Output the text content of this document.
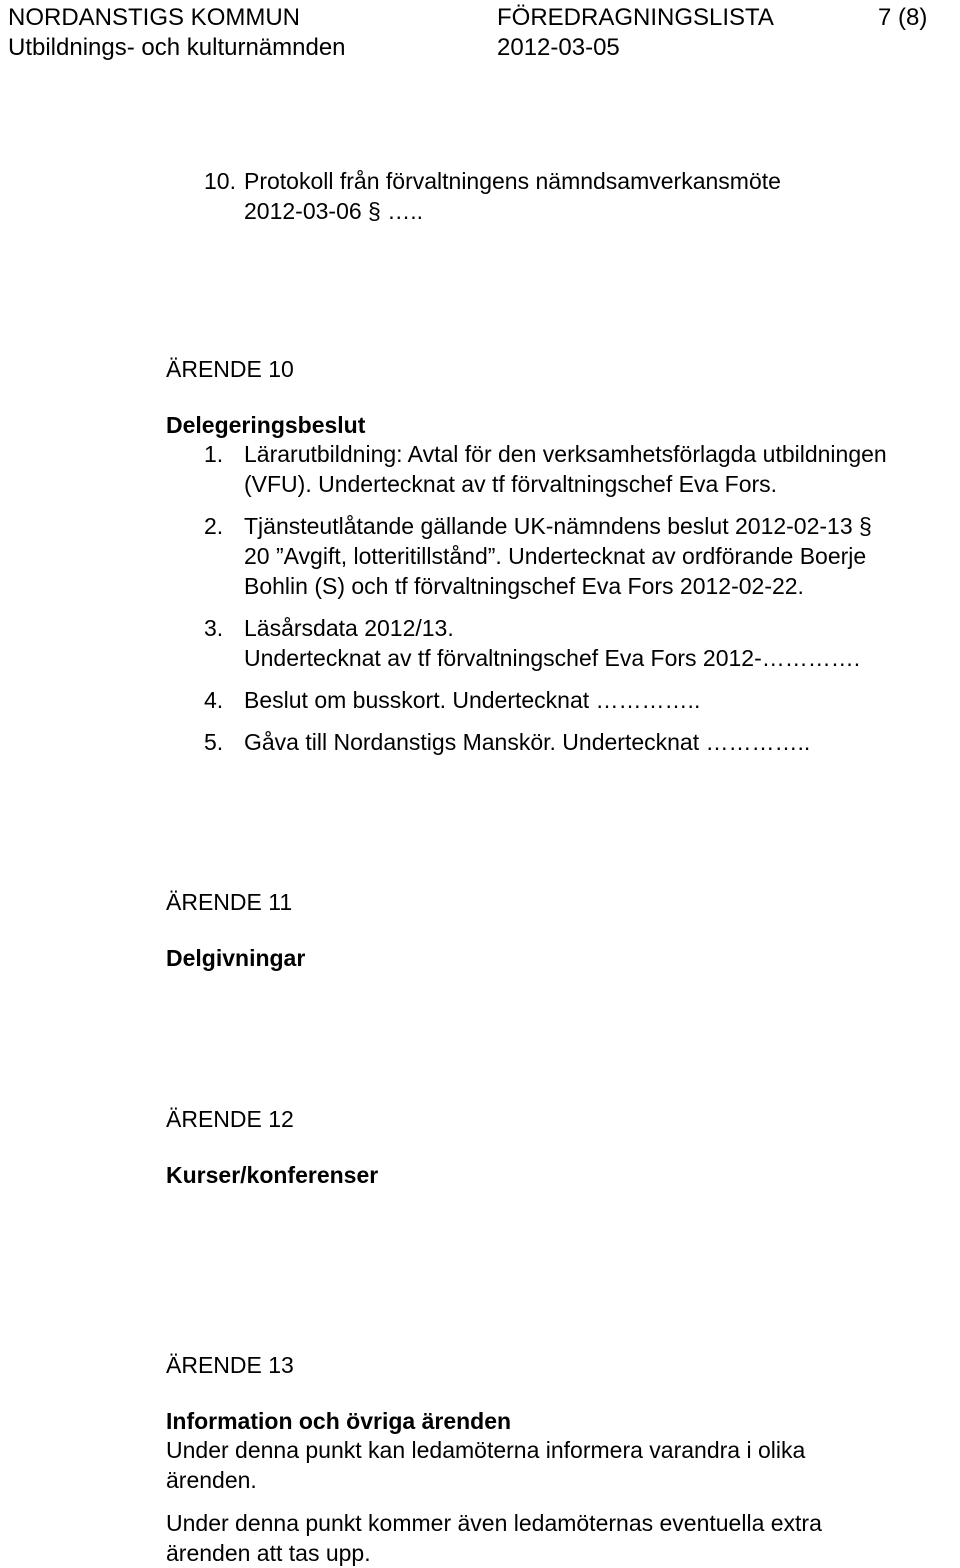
NORDANSTIGS KOMMUN
Utbildnings- och kulturnämnden
FÖREDRAGNINGSLISTA
2012-03-05
7 (8)
10. Protokoll från förvaltningens nämndsamverkansmöte
2012-03-06 § …..
ÄRENDE 10
Delegeringsbeslut
1. Lärarutbildning: Avtal för den verksamhetsförlagda utbildningen
(VFU). Undertecknat av tf förvaltningschef Eva Fors.
2. Tjänsteutlåtande gällande UK-nämndens beslut 2012-02-13 §
20 ”Avgift, lotteritillstånd”. Undertecknat av ordförande Boerje
Bohlin (S) och tf förvaltningschef Eva Fors 2012-02-22.
3. Läsårsdata 2012/13.
Undertecknat av tf förvaltningschef Eva Fors 2012-………….
4. Beslut om busskort. Undertecknat …………..
5. Gåva till Nordanstigs Manskör. Undertecknat …………..
ÄRENDE 11
Delgivningar
ÄRENDE 12
Kurser/konferenser
ÄRENDE 13
Information och övriga ärenden
Under denna punkt kan ledamöterna informera varandra i olika
ärenden.
Under denna punkt kommer även ledamöternas eventuella extra
ärenden att tas upp.
